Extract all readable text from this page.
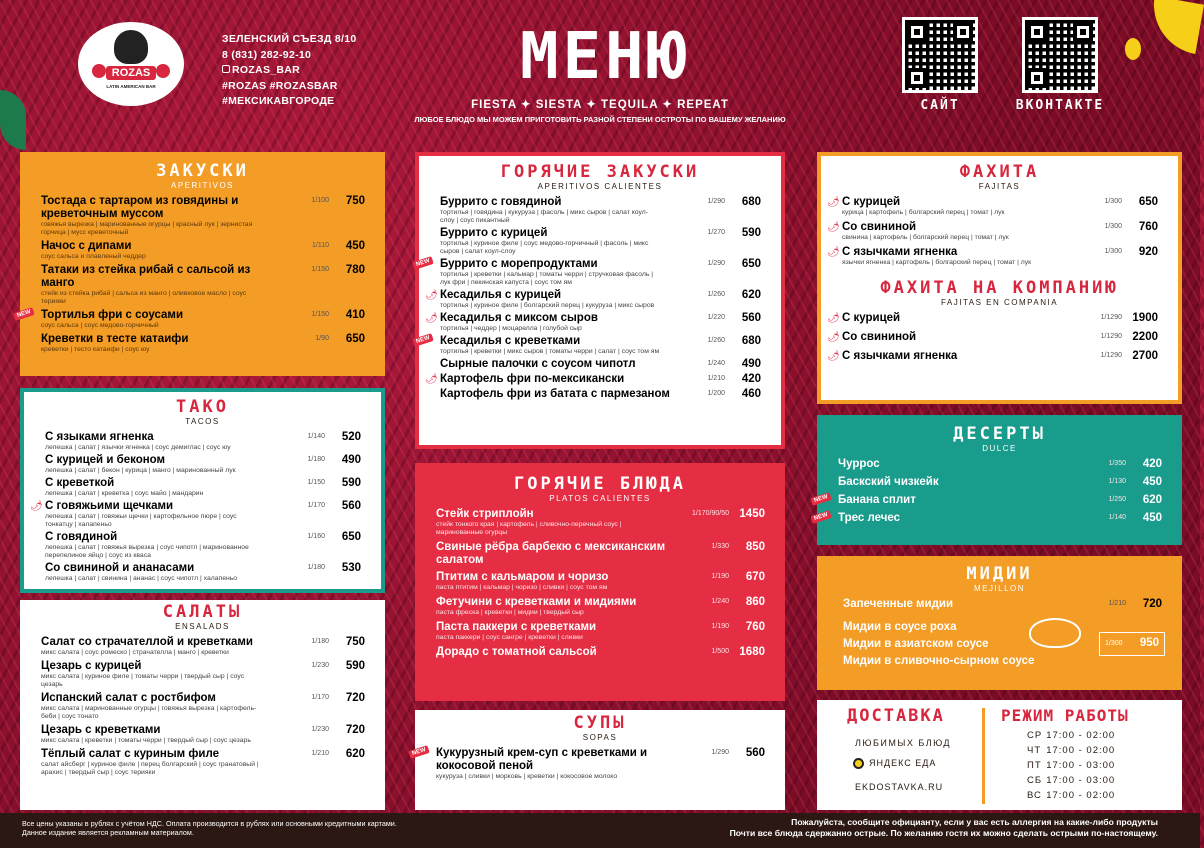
ROZAS
LATIN AMERICAN BAR
ЗЕЛЕНСКИЙ СЪЕЗД 8/10
8 (831) 282-92-10
ROZAS_BAR
#ROZAS #ROZASBAR
#МЕКСИКАВГОРОДЕ
МЕНЮ
FIESTA ✦ SIESTA ✦ TEQUILA ✦ REPEAT
ЛЮБОЕ БЛЮДО МЫ МОЖЕМ ПРИГОТОВИТЬ РАЗНОЙ СТЕПЕНИ ОСТРОТЫ ПО ВАШЕМУ ЖЕЛАНИЮ
САЙТ	ВКОНТАКТЕ
ЗАКУСКИ
APERITIVOS
Тостада с тартаром из говядины и креветочным муссом
говяжья вырезка | маринованные огурцы | красный лук | зернистая горчица | мусс креветочный
1/100 750
Начос с дипами
соус сальса и плавленый чеддер
1/110 450
Татаки из стейка рибай с сальсой из манго
стейк из стейка рибай | сальса из манго | оливковое масло | соус терияки
1/150 780
NEW Тортилья фри с соусами
соус сальса | соус медово-горчичный
1/150 410
Креветки в тесте катаифи
креветки | тесто катаифи | соус юу
1/90 650
ТАКО
TACOS
С языками ягненка
лепешка | салат | язычки ягненка | соус демиглас | соус юу
1/140 520
С курицей и беконом
лепешка | салат | бекон | курица | манго | маринованный лук
1/180 490
С креветкой
лепешка | салат | креветка | соус майо | мандарин
1/150 590
🌶 С говяжьими щечками
лепешка | салат | говяжьи щечки | картофельное пюре | соус тонкатцу | халапеньо
1/170 560
С говядиной
лепешка | салат | говяжья вырезка | соус чипотл | маринованное перепелиное яйцо | соус из кваса
1/160 650
Со свининой и ананасами
лепешка | салат | свинина | ананас | соус чипотл | халапеньо
1/180 530
САЛАТЫ
ENSALADS
Салат со страчателлой и креветками
микс салата | соус ромеско | страчателла | манго | креветки
1/180 750
Цезарь с курицей
микс салата | куриное филе | томаты черри | твердый сыр | соус цезарь
1/230 590
Испанский салат с ростбифом
микс салата | маринованные огурцы | говяжья вырезка | картофель-беби | соус тонато
1/170 720
Цезарь с креветками
микс салата | креветки | томаты черри | твердый сыр | соус цезарь
1/230 720
Тёплый салат с куриным филе
салат айсберг | куриное филе | перец болгарский | соус гранатовый | арахис | твердый сыр | соус терияки
1/210 620
ГОРЯЧИЕ ЗАКУСКИ
APERITIVOS CALIENTES
Буррито с говядиной
тортилья | говядина | кукуруза | фасоль | микс сыров | салат коул-слоу | соус пикантный
1/290 680
Буррито с курицей
тортилья | куриное филе | соус медово-горчичный | фасоль | микс сыров | салат коул-слоу
1/270 590
NEW Буррито с морепродуктами
тортилья | креветки | кальмар | томаты черри | стручковая фасоль | лук фри | пекинская капуста | соус том ям
1/290 650
🌶 Кесадилья с курицей
тортилья | куриное филе | болгарский перец | кукуруза | микс сыров
1/260 620
🌶 Кесадилья с миксом сыров
тортилья | чеддер | моцарелла | голубой сыр
1/220 560
NEW Кесадилья с креветками
тортилья | креветки | микс сыров | томаты черри | салат | соус том ям
1/260 680
Сырные палочки с соусом чипотл	1/240 490
🌶 Картофель фри по-мексикански	1/210 420
Картофель фри из батата с пармезаном	1/200 460
ГОРЯЧИЕ БЛЮДА
PLATOS CALIENTES
Стейк стриплойн
стейк тонкого края | картофель | сливочно-перечный соус | маринованные огурцы
1/170/90/50 1450
Свиные рёбра барбекю с мексиканским салатом
1/330 850
🌶 Птитим с кальмаром и чоризо
паста птитим | кальмар | чоризо | сливки | соус том ям
1/190 670
🌶 Фетучини с креветками и мидиями
паста фреска | креветки | мидии | твердый сыр
1/240 860
Паста паккери с креветками
паста паккери | соус сангре | креветки | сливки
1/190 760
Дорадо с томатной сальсой	1/500 1680
СУПЫ
SOPAS
NEW Кукурузный крем-суп с креветками и кокосовой пеной
кукуруза | сливки | морковь | креветки | кокосовое молоко
1/290 560
ФАХИТА
FAJITAS
🌶 С курицей
курица | картофель | болгарский перец | томат | лук
1/300 650
🌶 Со свининой
свинина | картофель | болгарский перец | томат | лук
1/300 760
🌶 С язычками ягненка
язычки ягненка | картофель | болгарский перец | томат | лук
1/300 920
ФАХИТА НА КОМПАНИЮ
FAJITAS EN COMPANIA
🌶 С курицей	1/1290 1900
🌶 Со свининой	1/1290 2200
🌶 С язычками ягненка	1/1290 2700
ДЕСЕРТЫ
DULCE
Чуррос	1/350 420
Баскский чизкейк	1/130 450
NEW Банана сплит	1/250 620
NEW Трес лечес	1/140 450
МИДИИ
MEJILLON
Запеченные мидии	1/210 720
Мидии в соусе роха
Мидии в азиатском соусе
Мидии в сливочно-сырном соусе
1/300 950
ДОСТАВКА
ЛЮБИМЫХ БЛЮД
ЯНДЕКС ЕДА
EKDOSTAVKA.RU
РЕЖИМ РАБОТЫ
СР	17:00 - 02:00
ЧТ	17:00 - 02:00
ПТ	17:00 - 03:00
СБ	17:00 - 03:00
ВС	17:00 - 02:00
Все цены указаны в рублях с учётом НДС. Оплата производится в рублях или основными кредитными картами.
Данное издание является рекламным материалом.
Пожалуйста, сообщите официанту, если у вас есть аллергия на какие-либо продукты
Почти все блюда сдержанно острые. По желанию гостя их можно сделать острыми по-настоящему.
